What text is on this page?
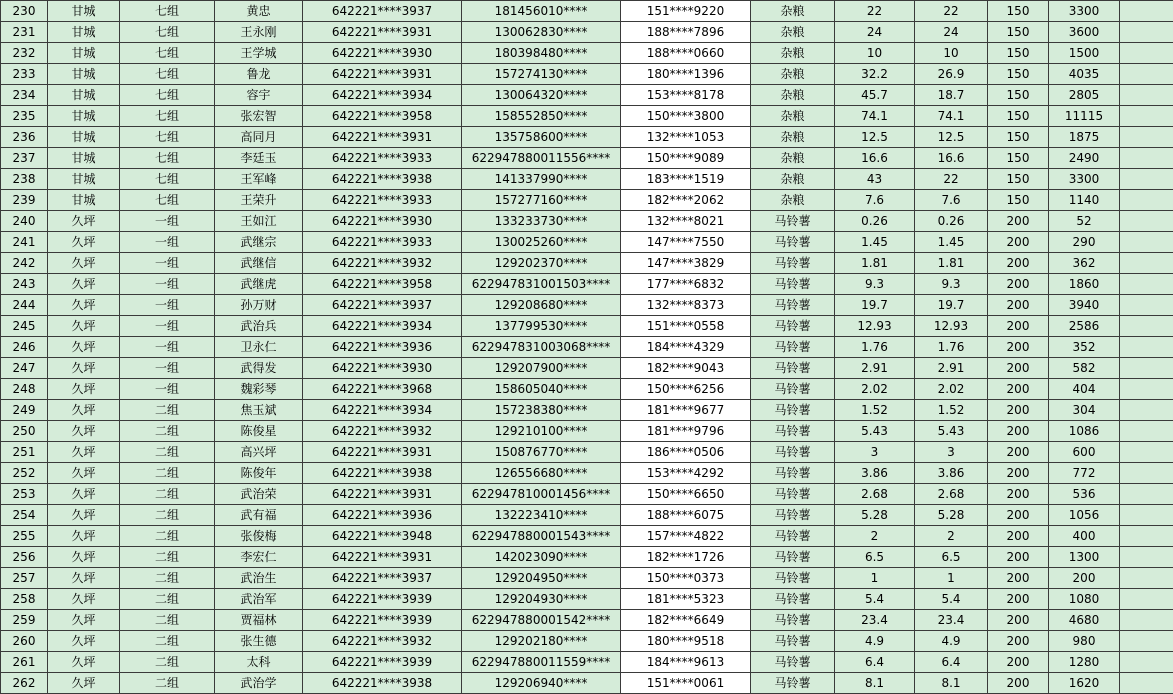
230	甘城	七组	黄忠	642221****3937	181456010****	151****9220	杂粮	22	22	150	3300	
231	甘城	七组	王永刚	642221****3931	130062830****	188****7896	杂粮	24	24	150	3600	
232	甘城	七组	王学城	642221****3930	180398480****	188****0660	杂粮	10	10	150	1500	
233	甘城	七组	鲁龙	642221****3931	157274130****	180****1396	杂粮	32.2	26.9	150	4035	
234	甘城	七组	容宇	642221****3934	130064320****	153****8178	杂粮	45.7	18.7	150	2805	
235	甘城	七组	张宏智	642221****3958	158552850****	150****3800	杂粮	74.1	74.1	150	11115	
236	甘城	七组	高同月	642221****3931	135758600****	132****1053	杂粮	12.5	12.5	150	1875	
237	甘城	七组	李廷玉	642221****3933	622947880011556****	150****9089	杂粮	16.6	16.6	150	2490	
238	甘城	七组	王军峰	642221****3938	141337990****	183****1519	杂粮	43	22	150	3300	
239	甘城	七组	王荣升	642221****3933	157277160****	182****2062	杂粮	7.6	7.6	150	1140	
240	久坪	一组	王如江	642221****3930	133233730****	132****8021	马铃薯	0.26	0.26	200	52	
241	久坪	一组	武继宗	642221****3933	130025260****	147****7550	马铃薯	1.45	1.45	200	290	
242	久坪	一组	武继信	642221****3932	129202370****	147****3829	马铃薯	1.81	1.81	200	362	
243	久坪	一组	武继虎	642221****3958	622947831001503****	177****6832	马铃薯	9.3	9.3	200	1860	
244	久坪	一组	孙万财	642221****3937	129208680****	132****8373	马铃薯	19.7	19.7	200	3940	
245	久坪	一组	武治兵	642221****3934	137799530****	151****0558	马铃薯	12.93	12.93	200	2586	
246	久坪	一组	卫永仁	642221****3936	622947831003068****	184****4329	马铃薯	1.76	1.76	200	352	
247	久坪	一组	武得发	642221****3930	129207900****	182****9043	马铃薯	2.91	2.91	200	582	
248	久坪	一组	魏彩琴	642221****3968	158605040****	150****6256	马铃薯	2.02	2.02	200	404	
249	久坪	二组	焦玉斌	642221****3934	157238380****	181****9677	马铃薯	1.52	1.52	200	304	
250	久坪	二组	陈俊星	642221****3932	129210100****	181****9796	马铃薯	5.43	5.43	200	1086	
251	久坪	二组	高兴坪	642221****3931	150876770****	186****0506	马铃薯	3	3	200	600	
252	久坪	二组	陈俊年	642221****3938	126556680****	153****4292	马铃薯	3.86	3.86	200	772	
253	久坪	二组	武治荣	642221****3931	622947810001456****	150****6650	马铃薯	2.68	2.68	200	536	
254	久坪	二组	武有福	642221****3936	132223410****	188****6075	马铃薯	5.28	5.28	200	1056	
255	久坪	二组	张俊梅	642221****3948	622947880001543****	157****4822	马铃薯	2	2	200	400	
256	久坪	二组	李宏仁	642221****3931	142023090****	182****1726	马铃薯	6.5	6.5	200	1300	
257	久坪	二组	武治生	642221****3937	129204950****	150****0373	马铃薯	1	1	200	200	
258	久坪	二组	武治军	642221****3939	129204930****	181****5323	马铃薯	5.4	5.4	200	1080	
259	久坪	二组	贾福林	642221****3939	622947880001542****	182****6649	马铃薯	23.4	23.4	200	4680	
260	久坪	二组	张生德	642221****3932	129202180****	180****9518	马铃薯	4.9	4.9	200	980	
261	久坪	二组	太科	642221****3939	622947880011559****	184****9613	马铃薯	6.4	6.4	200	1280	
262	久坪	二组	武治学	642221****3938	129206940****	151****0061	马铃薯	8.1	8.1	200	1620	
